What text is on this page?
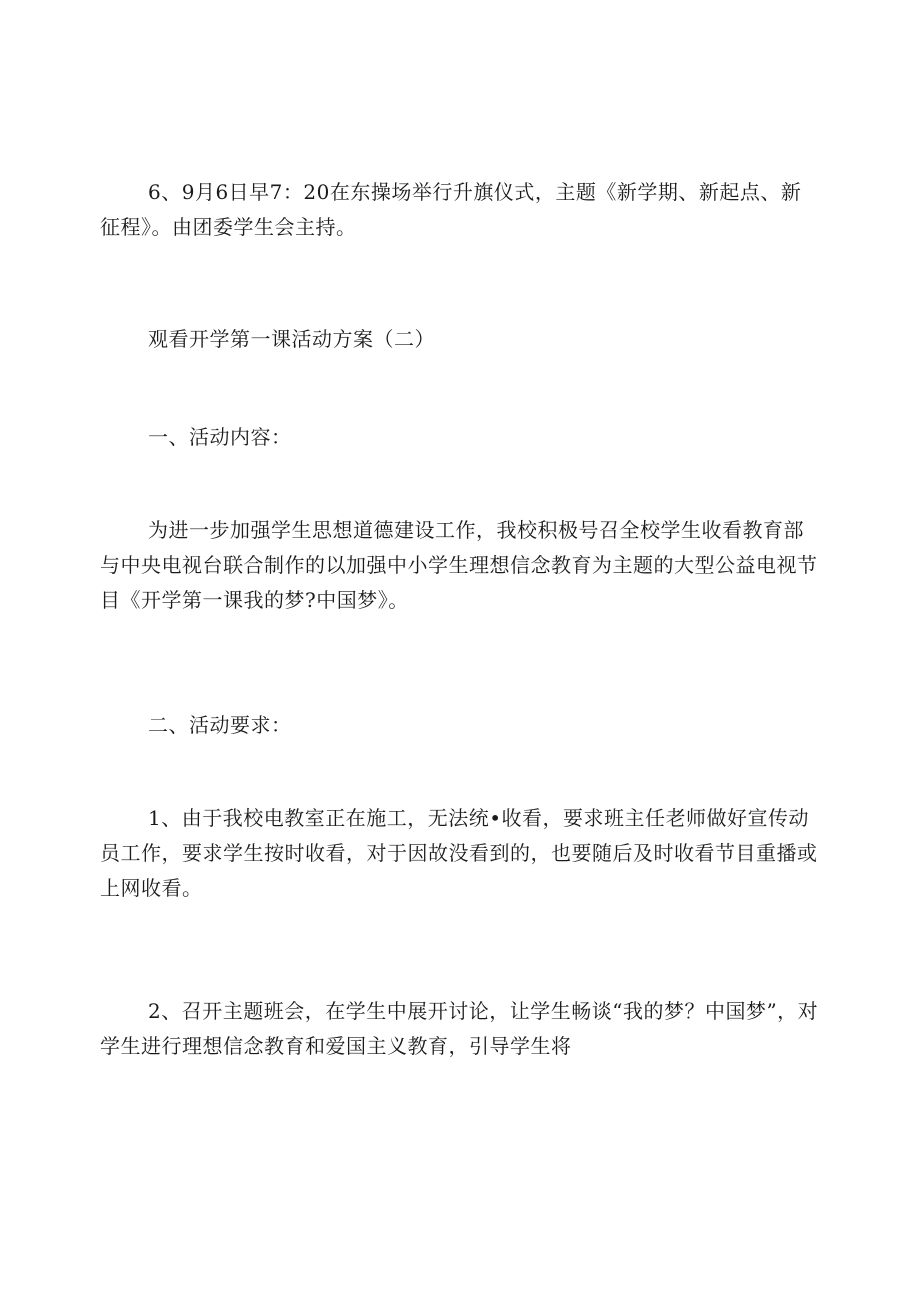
6、9月6日早7：20在东操场举行升旗仪式，主题《新学期、新起点、新征程》。由团委学生会主持。

观看开学第一课活动方案（二）

一、活动内容：

为进一步加强学生思想道德建设工作，我校积极号召全校学生收看教育部与中央电视台联合制作的以加强中小学生理想信念教育为主题的大型公益电视节目《开学第一课我的梦?中国梦》。

二、活动要求：

1、由于我校电教室正在施工，无法统•收看，要求班主任老师做好宣传动员工作，要求学生按时收看，对于因故没看到的，也要随后及时收看节目重播或上网收看。

2、召开主题班会，在学生中展开讨论，让学生畅谈“我的梦？中国梦”，对学生进行理想信念教育和爱国主义教育，引导学生将
